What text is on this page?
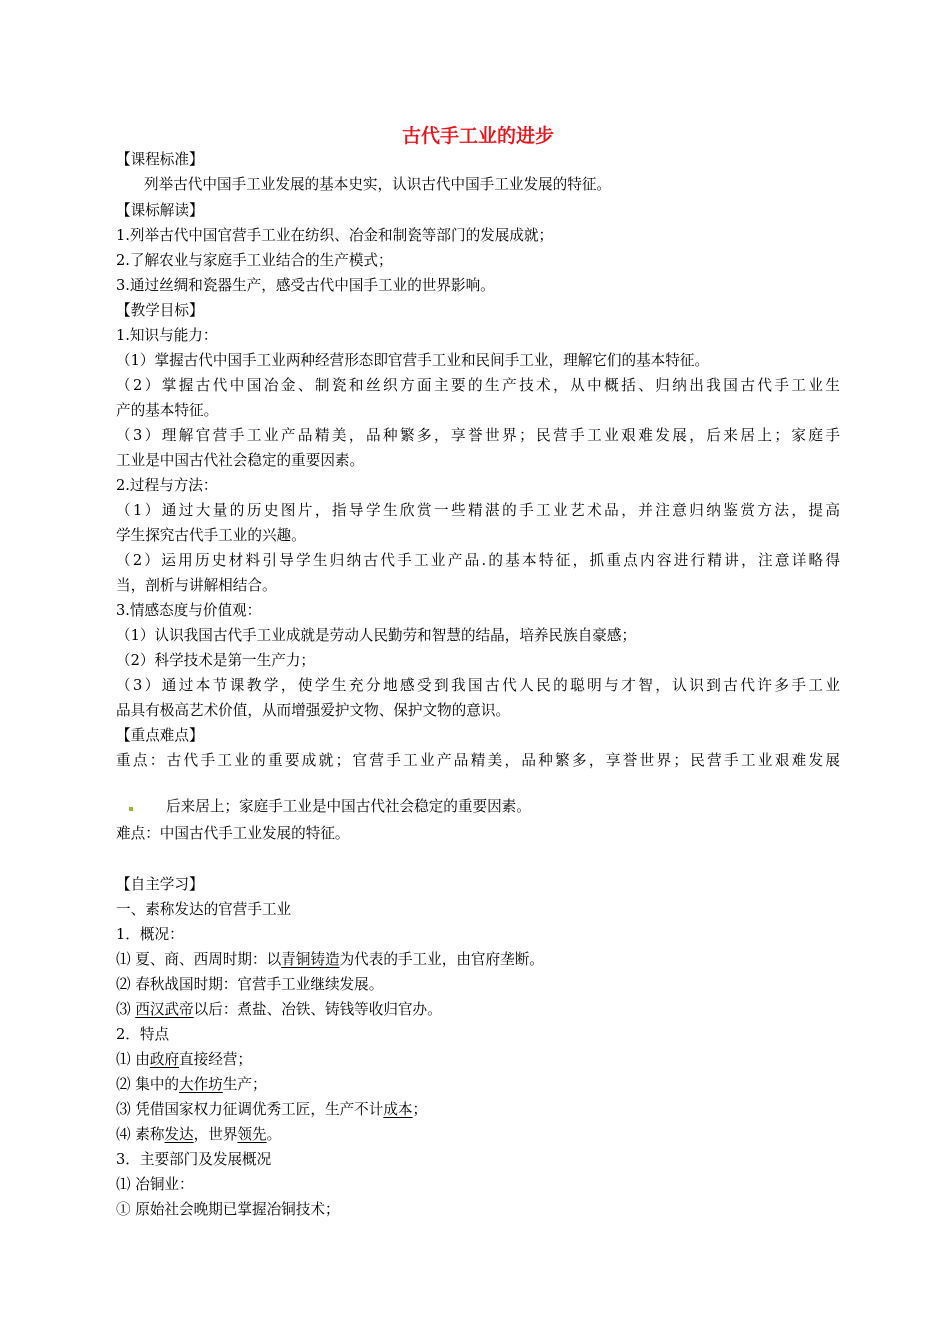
古代手工业的进步
【课程标准】
列举古代中国手工业发展的基本史实，认识古代中国手工业发展的特征。
【课标解读】
1.列举古代中国官营手工业在纺织、冶金和制瓷等部门的发展成就；
2.了解农业与家庭手工业结合的生产模式；
3.通过丝绸和瓷器生产，感受古代中国手工业的世界影响。
【教学目标】
1.知识与能力：
（1）掌握古代中国手工业两种经营形态即官营手工业和民间手工业，理解它们的基本特征。
（2）掌握古代中国冶金、制瓷和丝织方面主要的生产技术，从中概括、归纳出我国古代手工业生
产的基本特征。
（3）理解官营手工业产品精美，品种繁多，享誉世界；民营手工业艰难发展，后来居上；家庭手
工业是中国古代社会稳定的重要因素。
2.过程与方法：
（1）通过大量的历史图片，指导学生欣赏一些精湛的手工业艺术品，并注意归纳鉴赏方法，提高
学生探究古代手工业的兴趣。
（2）运用历史材料引导学生归纳古代手工业产品.的基本特征，抓重点内容进行精讲，注意详略得
当，剖析与讲解相结合。
3.情感态度与价值观：
（1）认识我国古代手工业成就是劳动人民勤劳和智慧的结晶，培养民族自豪感；
（2）科学技术是第一生产力；
（3）通过本节课教学，使学生充分地感受到我国古代人民的聪明与才智，认识到古代许多手工业
品具有极高艺术价值，从而增强爱护文物、保护文物的意识。
【重点难点】
重点：古代手工业的重要成就；官营手工业产品精美，品种繁多，享誉世界；民营手工业艰难发展
后来居上；家庭手工业是中国古代社会稳定的重要因素。
难点：中国古代手工业发展的特征。
【自主学习】
一、素称发达的官营手工业
1．概况：
⑴ 夏、商、西周时期：以青铜铸造为代表的手工业，由官府垄断。
⑵ 春秋战国时期：官营手工业继续发展。
⑶ 西汉武帝以后：煮盐、冶铁、铸钱等收归官办。
2．特点
⑴ 由政府直接经营；
⑵ 集中的大作坊生产；
⑶ 凭借国家权力征调优秀工匠，生产不计成本；
⑷ 素称发达，世界领先。
3．主要部门及发展概况
⑴ 冶铜业：
① 原始社会晚期已掌握冶铜技术；
